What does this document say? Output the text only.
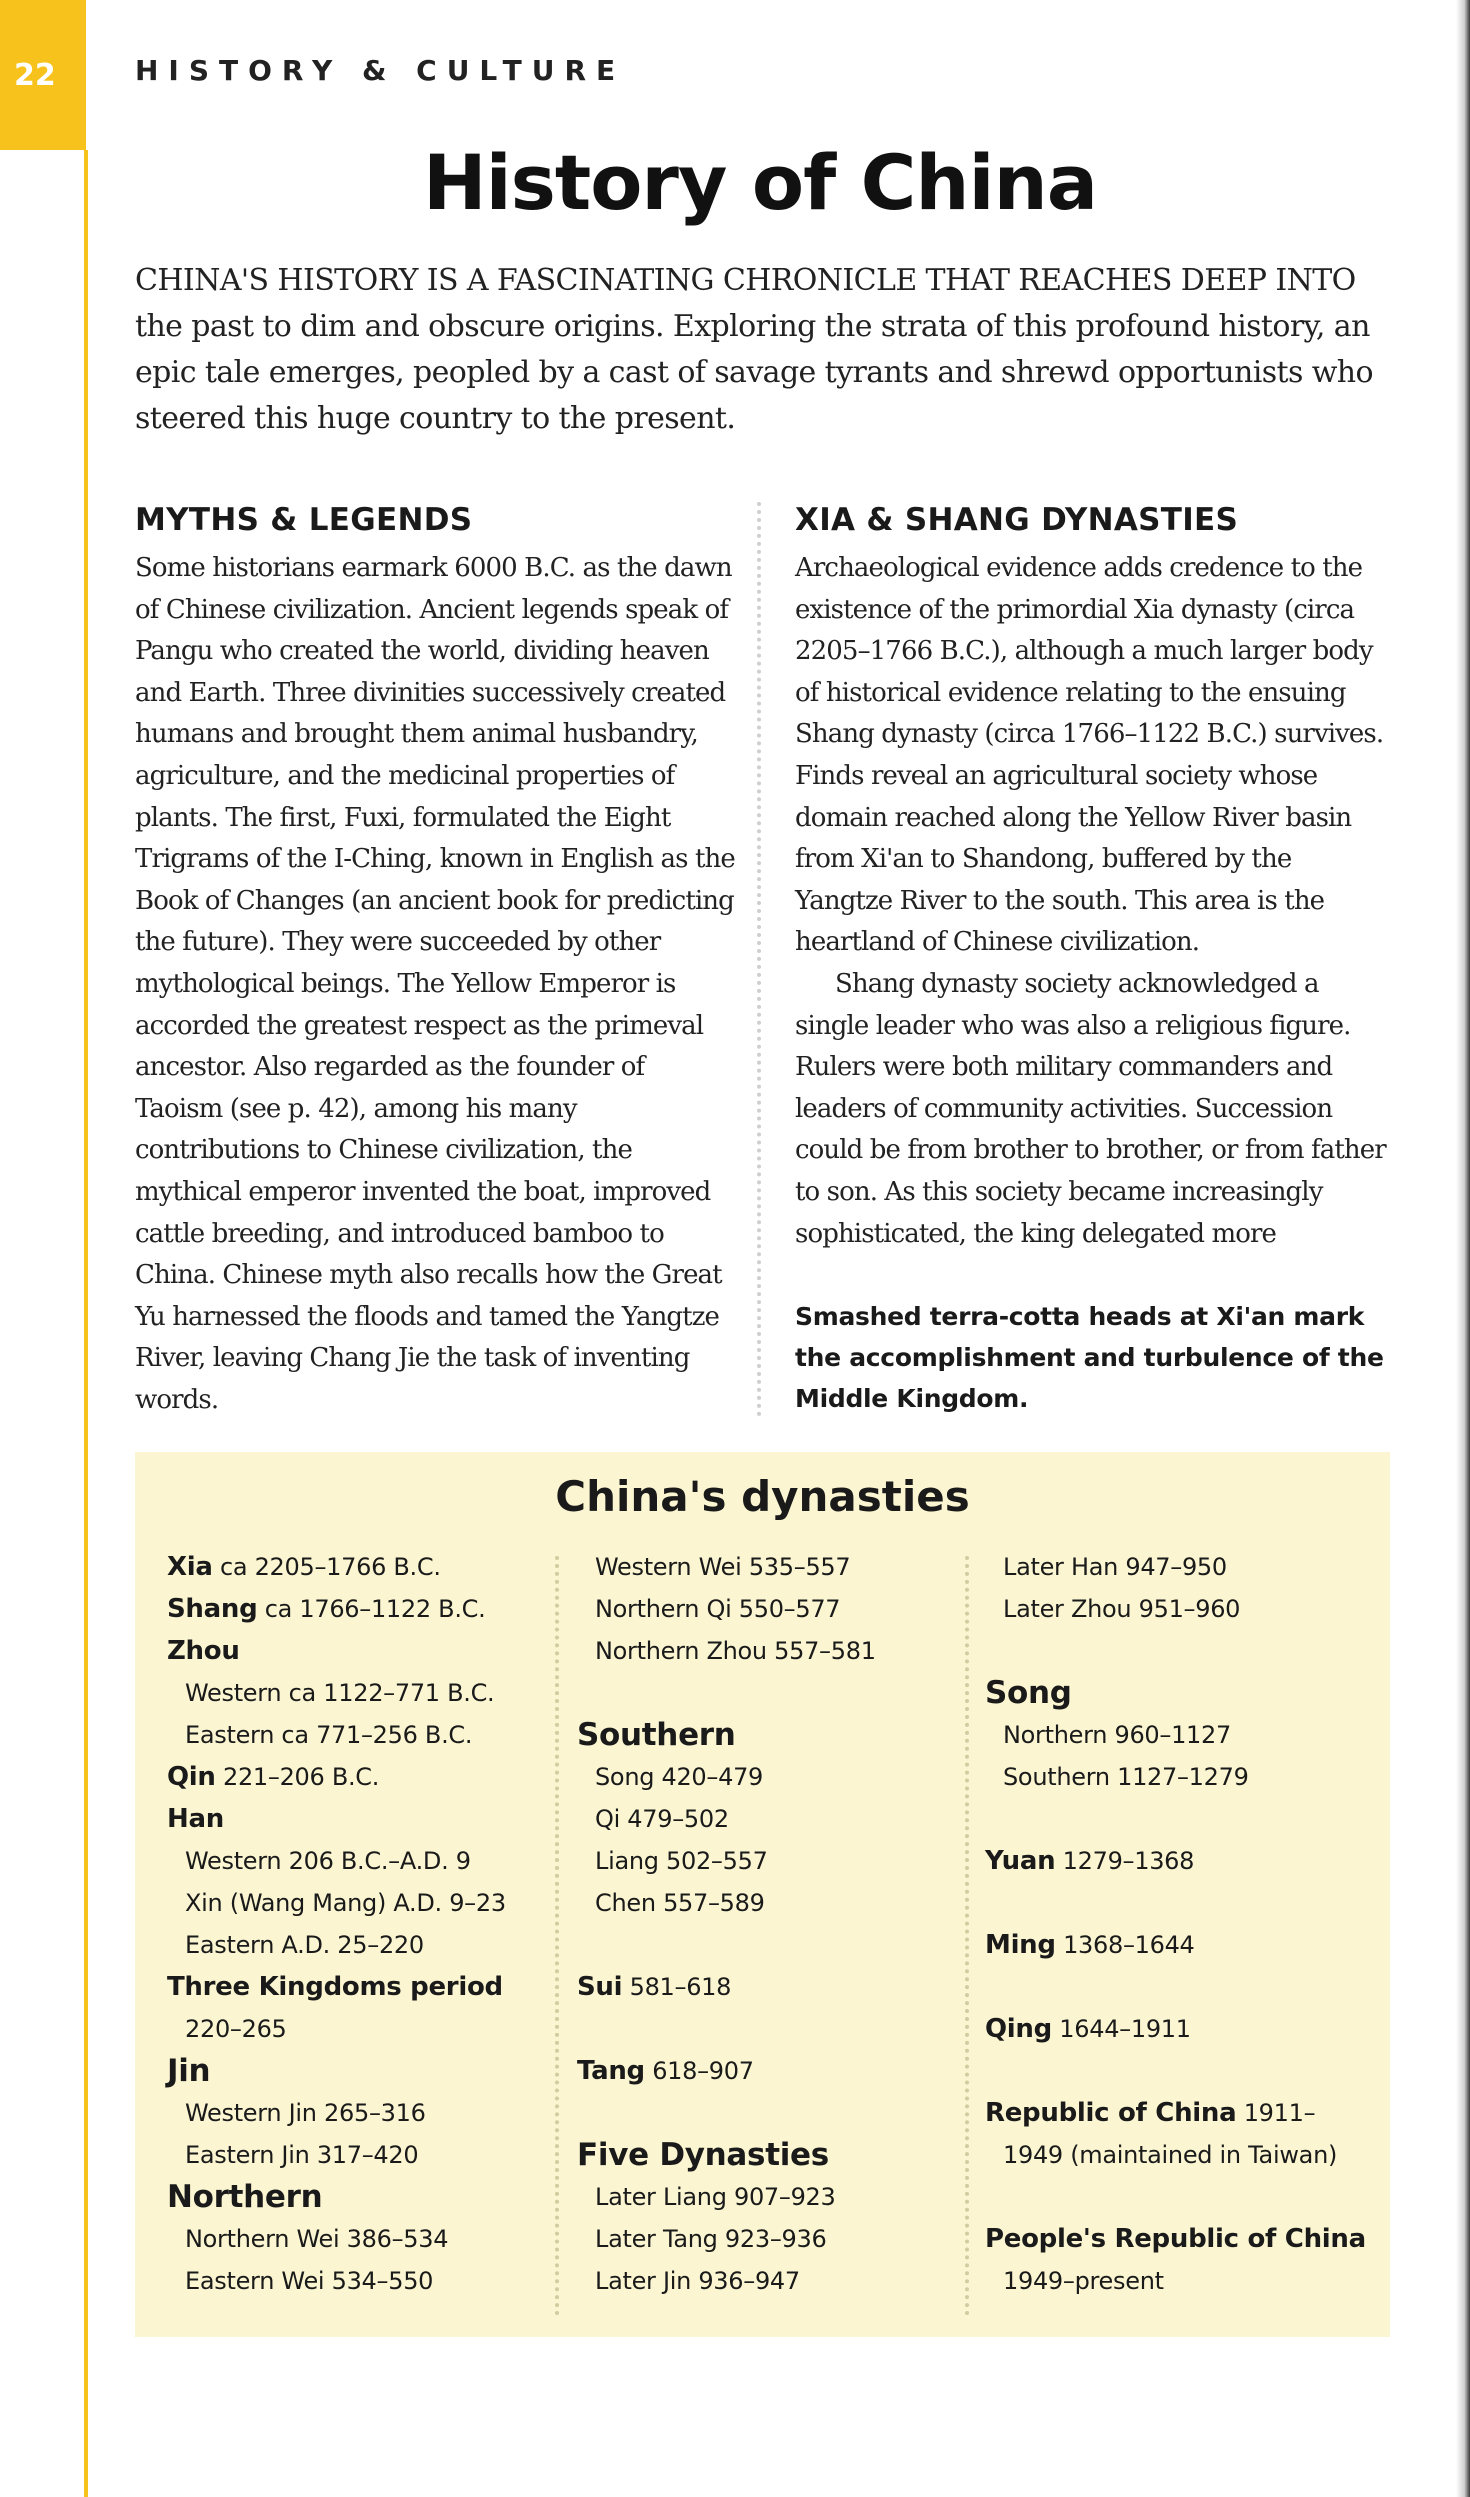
22	HISTORY & CULTURE
History of China

CHINA'S HISTORY IS A FASCINATING CHRONICLE THAT REACHES DEEP INTO the past to dim and obscure origins. Exploring the strata of this profound history, an epic tale emerges, peopled by a cast of savage tyrants and shrewd opportunists who steered this huge country to the present.

MYTHS & LEGENDS

Some historians earmark 6000 B.C. as the dawn of Chinese civilization. Ancient legends speak of Pangu who created the world, dividing heaven and Earth. Three divinities successively created humans and brought them animal husbandry, agriculture, and the medicinal properties of plants. The first, Fuxi, formulated the Eight Trigrams of the I-Ching, known in English as the Book of Changes (an ancient book for predicting the future). They were succeeded by other mythological beings. The Yellow Emperor is accorded the greatest respect as the primeval ancestor. Also regarded as the founder of Taoism (see p. 42), among his many contributions to Chinese civilization, the mythical emperor invented the boat, improved cattle breeding, and introduced bamboo to China. Chinese myth also recalls how the Great Yu harnessed the floods and tamed the Yangtze River, leaving Chang Jie the task of inventing words.

XIA & SHANG DYNASTIES

Archaeological evidence adds credence to the existence of the primordial Xia dynasty (circa 2205–1766 B.C.), although a much larger body of historical evidence relating to the ensuing Shang dynasty (circa 1766–1122 B.C.) survives. Finds reveal an agricultural society whose domain reached along the Yellow River basin from Xi'an to Shandong, buffered by the Yangtze River to the south. This area is the heartland of Chinese civilization.

Shang dynasty society acknowledged a single leader who was also a religious figure. Rulers were both military commanders and leaders of community activities. Succession could be from brother to brother, or from father to son. As this society became increasingly sophisticated, the king delegated more

Smashed terra-cotta heads at Xi'an mark the accomplishment and turbulence of the Middle Kingdom.

China's dynasties
Xia ca 2205–1766 B.C.
Shang ca 1766–1122 B.C.
Zhou
Western ca 1122–771 B.C.
Eastern ca 771–256 B.C.
Qin 221–206 B.C.
Han
Western 206 B.C.–A.D. 9
Xin (Wang Mang) A.D. 9–23
Eastern A.D. 25–220
Three Kingdoms period
220–265
Jin
Western Jin 265–316
Eastern Jin 317–420
Northern
Northern Wei 386–534
Eastern Wei 534–550
Western Wei 535–557
Northern Qi 550–577
Northern Zhou 557–581
Southern
Song 420–479
Qi 479–502
Liang 502–557
Chen 557–589
Sui 581–618
Tang 618–907
Five Dynasties
Later Liang 907–923
Later Tang 923–936
Later Jin 936–947
Later Han 947–950
Later Zhou 951–960
Song
Northern 960–1127
Southern 1127–1279
Yuan 1279–1368
Ming 1368–1644
Qing 1644–1911
Republic of China 1911–
1949 (maintained in Taiwan)
People's Republic of China
1949–present
